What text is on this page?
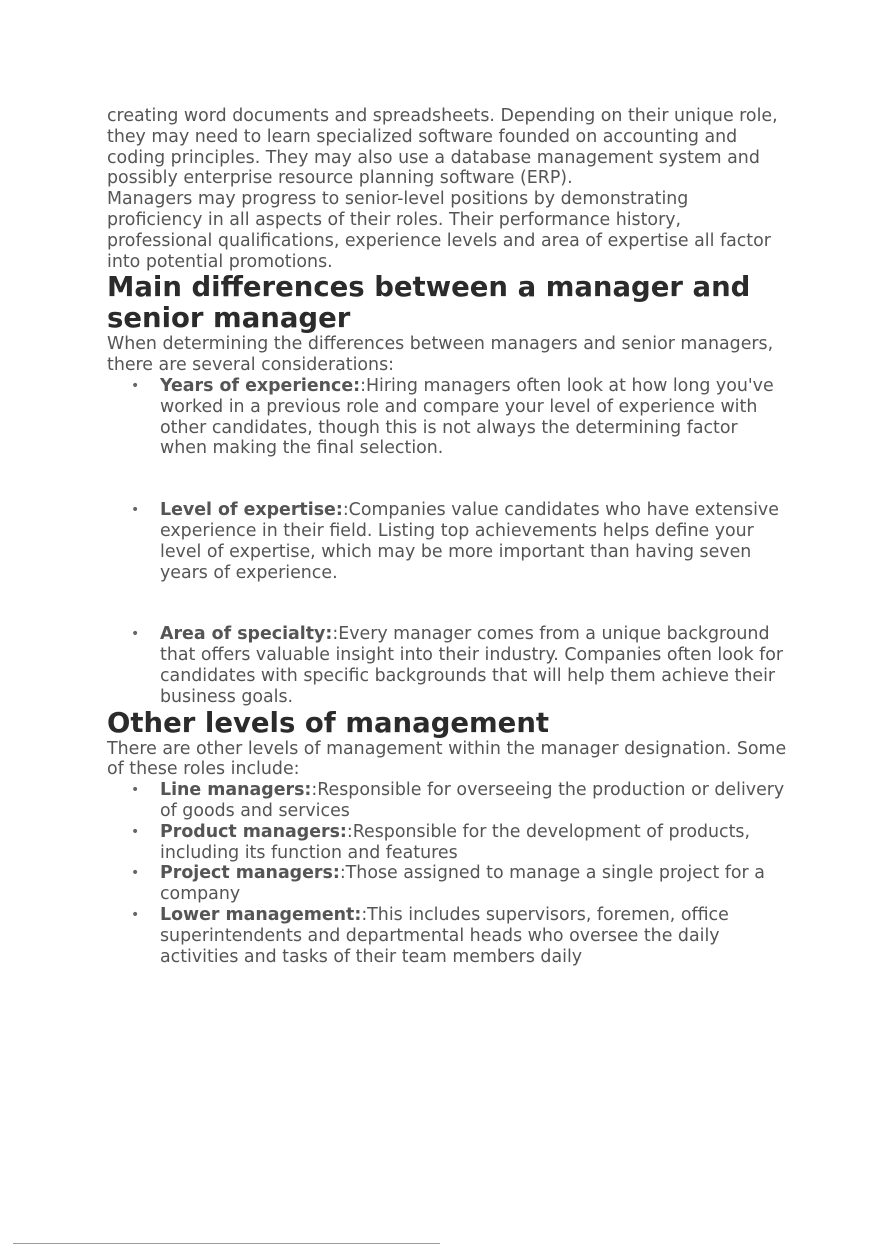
creating word documents and spreadsheets. Depending on their unique role, they may need to learn specialized software founded on accounting and coding principles. They may also use a database management system and possibly enterprise resource planning software (ERP).

Managers may progress to senior-level positions by demonstrating proficiency in all aspects of their roles. Their performance history, professional qualifications, experience levels and area of expertise all factor into potential promotions.

Main differences between a manager and senior manager

When determining the differences between managers and senior managers, there are several considerations:

• Years of experience::Hiring managers often look at how long you've worked in a previous role and compare your level of experience with other candidates, though this is not always the determining factor when making the final selection.
• Level of expertise::Companies value candidates who have extensive experience in their field. Listing top achievements helps define your level of expertise, which may be more important than having seven years of experience.
• Area of specialty::Every manager comes from a unique background that offers valuable insight into their industry. Companies often look for candidates with specific backgrounds that will help them achieve their business goals.
Other levels of management

There are other levels of management within the manager designation. Some of these roles include:

• Line managers::Responsible for overseeing the production or delivery of goods and services
• Product managers::Responsible for the development of products, including its function and features
• Project managers::Those assigned to manage a single project for a company
• Lower management::This includes supervisors, foremen, ofﬁce superintendents and departmental heads who oversee the daily activities and tasks of their team members daily
